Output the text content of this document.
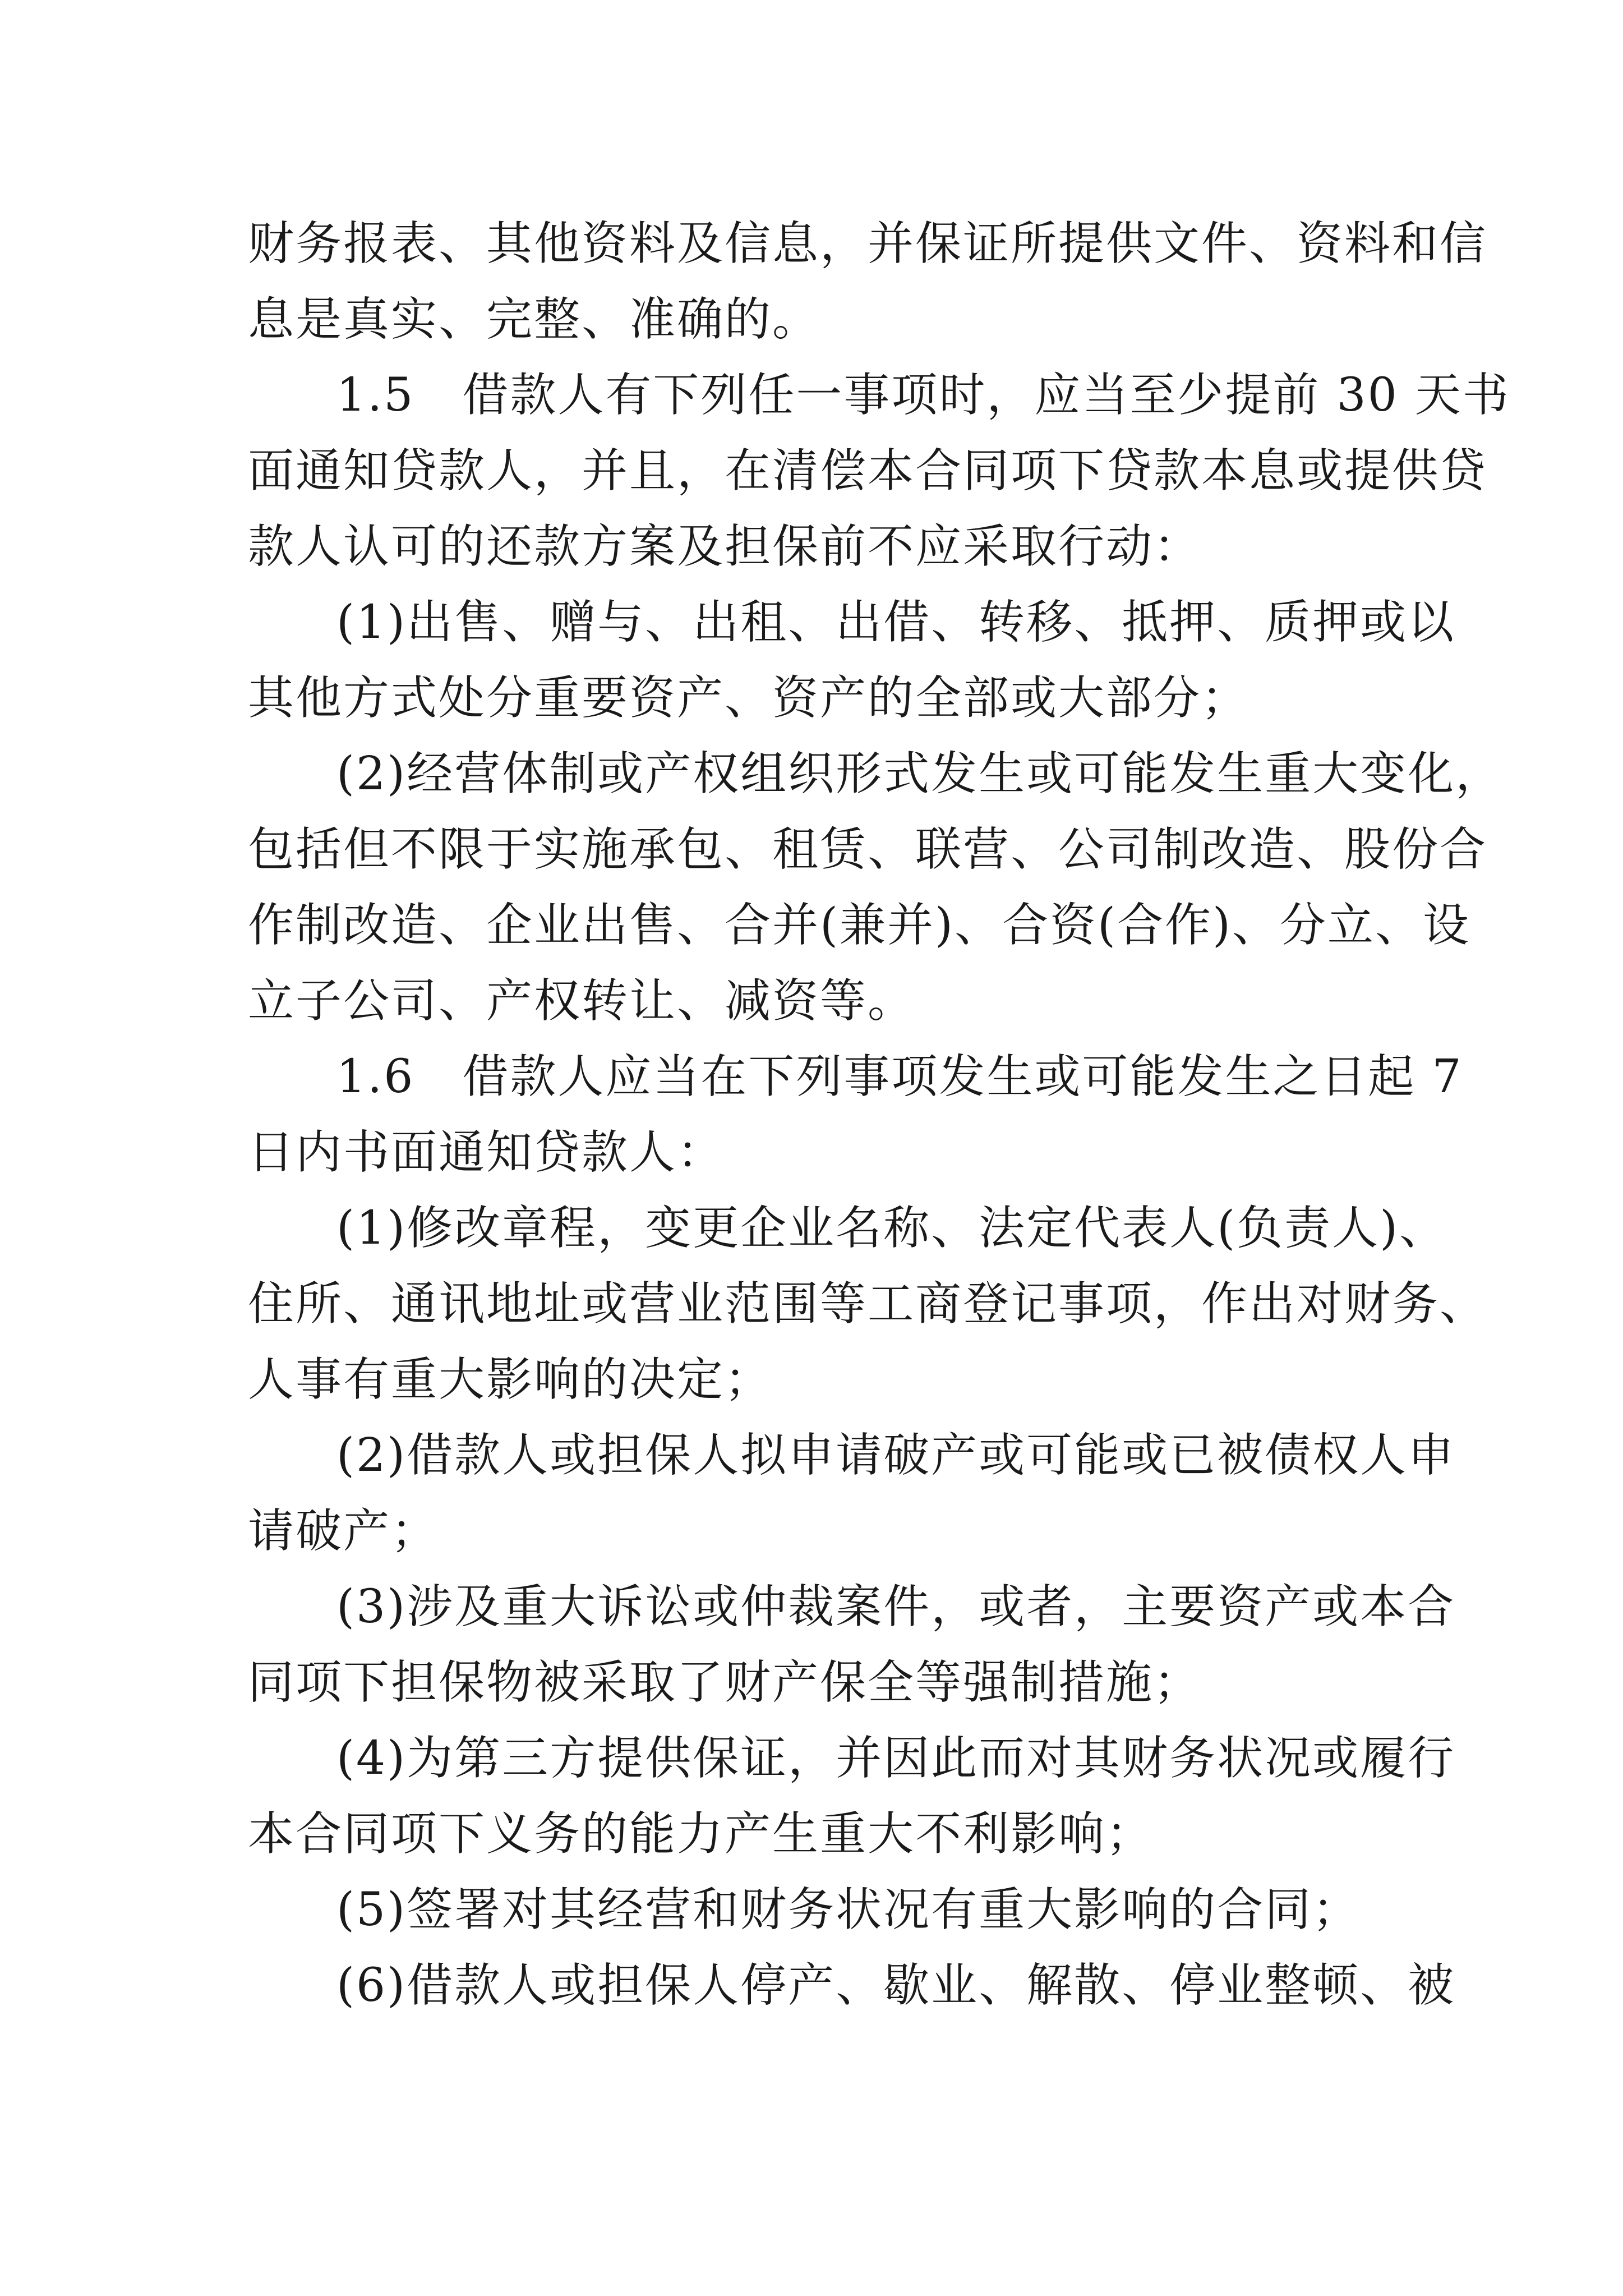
财务报表、其他资料及信息，并保证所提供文件、资料和信
息是真实、完整、准确的。
1.5　借款人有下列任一事项时，应当至少提前 30 天书
面通知贷款人，并且，在清偿本合同项下贷款本息或提供贷
款人认可的还款方案及担保前不应采取行动：
(1)出售、赠与、出租、出借、转移、抵押、质押或以
其他方式处分重要资产、资产的全部或大部分；
(2)经营体制或产权组织形式发生或可能发生重大变化，
包括但不限于实施承包、租赁、联营、公司制改造、股份合
作制改造、企业出售、合并(兼并)、合资(合作)、分立、设
立子公司、产权转让、减资等。
1.6　借款人应当在下列事项发生或可能发生之日起 7
日内书面通知贷款人：
(1)修改章程，变更企业名称、法定代表人(负责人)、
住所、通讯地址或营业范围等工商登记事项，作出对财务、
人事有重大影响的决定；
(2)借款人或担保人拟申请破产或可能或已被债权人申
请破产；
(3)涉及重大诉讼或仲裁案件，或者，主要资产或本合
同项下担保物被采取了财产保全等强制措施；
(4)为第三方提供保证，并因此而对其财务状况或履行
本合同项下义务的能力产生重大不利影响；
(5)签署对其经营和财务状况有重大影响的合同；
(6)借款人或担保人停产、歇业、解散、停业整顿、被
